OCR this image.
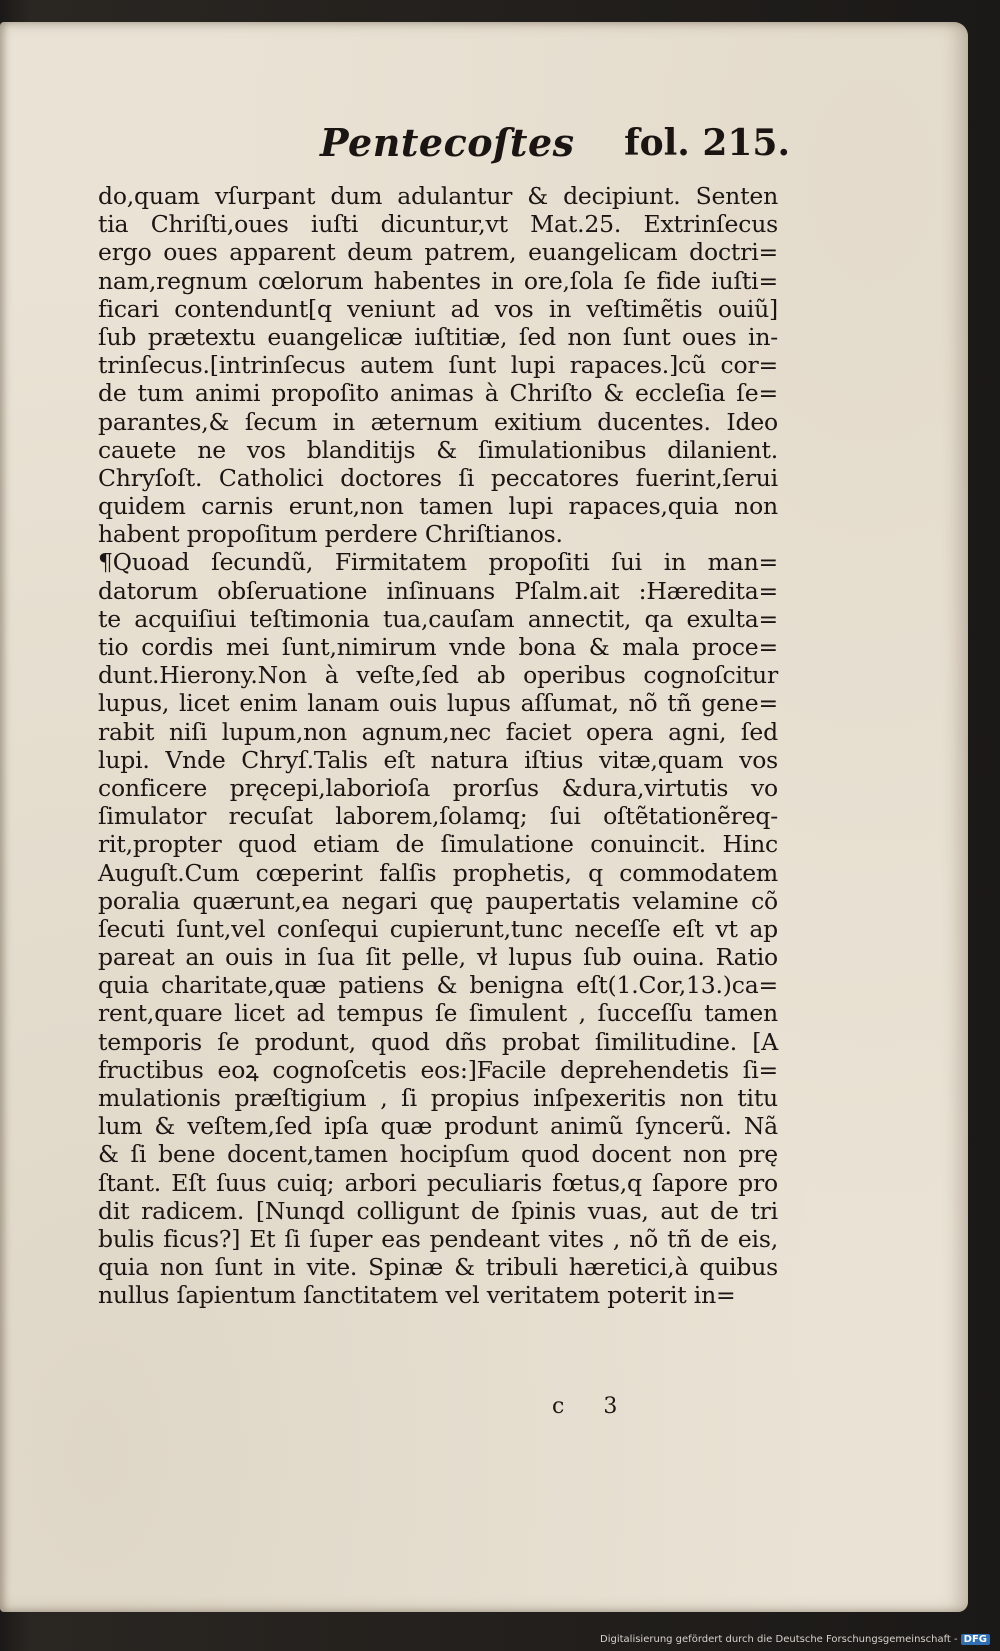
Pentecoſtes fol. 215.
do,quam vſurpant dum adulantur & decipiunt. Senten
tia Chriſti,oues iuſti dicuntur,vt Mat.25. Extrinſecus
ergo oues apparent deum patrem, euangelicam doctri=
nam,regnum cœlorum habentes in ore,ſola ſe fide iuſti=
ficari contendunt[q veniunt ad vos in veſtimẽtis ouiũ]
ſub prætextu euangelicæ iuſtitiæ, ſed non ſunt oues in-
trinſecus.[intrinſecus autem ſunt lupi rapaces.]cũ cor=
de tum animi propoſito animas à Chriſto & eccleſia ſe=
parantes,& ſecum in æternum exitium ducentes. Ideo
cauete ne vos blanditijs & ſimulationibus dilanient.
Chryſoſt. Catholici doctores ſi peccatores fuerint,ſerui
quidem carnis erunt,non tamen lupi rapaces,quia non
habent propoſitum perdere Chriſtianos.
¶Quoad ſecundũ, Firmitatem propoſiti ſui in man=
datorum obſeruatione inſinuans Pſalm.ait :Hæredita=
te acquiſiui teſtimonia tua,cauſam annectit, qa exulta=
tio cordis mei ſunt,nimirum vnde bona & mala proce=
dunt.Hierony.Non à veſte,ſed ab operibus cognoſcitur
lupus, licet enim lanam ouis lupus aſſumat, nõ tñ gene=
rabit niſi lupum,non agnum,nec faciet opera agni, ſed
lupi. Vnde Chryſ.Talis eſt natura iſtius vitæ,quam vos
conficere pręcepi,laborioſa prorſus &dura,virtutis vo
ſimulator recuſat laborem,ſolamq; ſui oſtẽtationẽreq-
rit,propter quod etiam de ſimulatione conuincit. Hinc
Auguſt.Cum cœperint falſis prophetis, q commodatem
poralia quærunt,ea negari quę paupertatis velamine cõ
ſecuti ſunt,vel conſequi cupierunt,tunc neceſſe eſt vt ap
pareat an ouis in ſua ſit pelle, vł lupus ſub ouina. Ratio
quia charitate,quæ patiens & benigna eſt(1.Cor,13.)ca=
rent,quare licet ad tempus ſe ſimulent , ſucceſſu tamen
temporis ſe produnt, quod dñs probat ſimilitudine. [A
fructibus eoꝝ cognoſcetis eos:]Facile deprehendetis ſi=
mulationis præſtigium , ſi propius inſpexeritis non titu
lum & veſtem,ſed ipſa quæ produnt animũ ſyncerũ. Nã
& ſi bene docent,tamen hocipſum quod docent non prę
ſtant. Eſt ſuus cuiq; arbori peculiaris fœtus,q ſapore pro
dit radicem. [Nunqd colligunt de ſpinis vuas, aut de tri
bulis ficus?] Et ſi ſuper eas pendeant vites , nõ tñ de eis,
quia non ſunt in vite. Spinæ & tribuli hæretici,à quibus
nullus ſapientum ſanctitatem vel veritatem poterit in=
c 3
Digitalisierung gefördert durch die Deutsche Forschungsgemeinschaft - DFG
